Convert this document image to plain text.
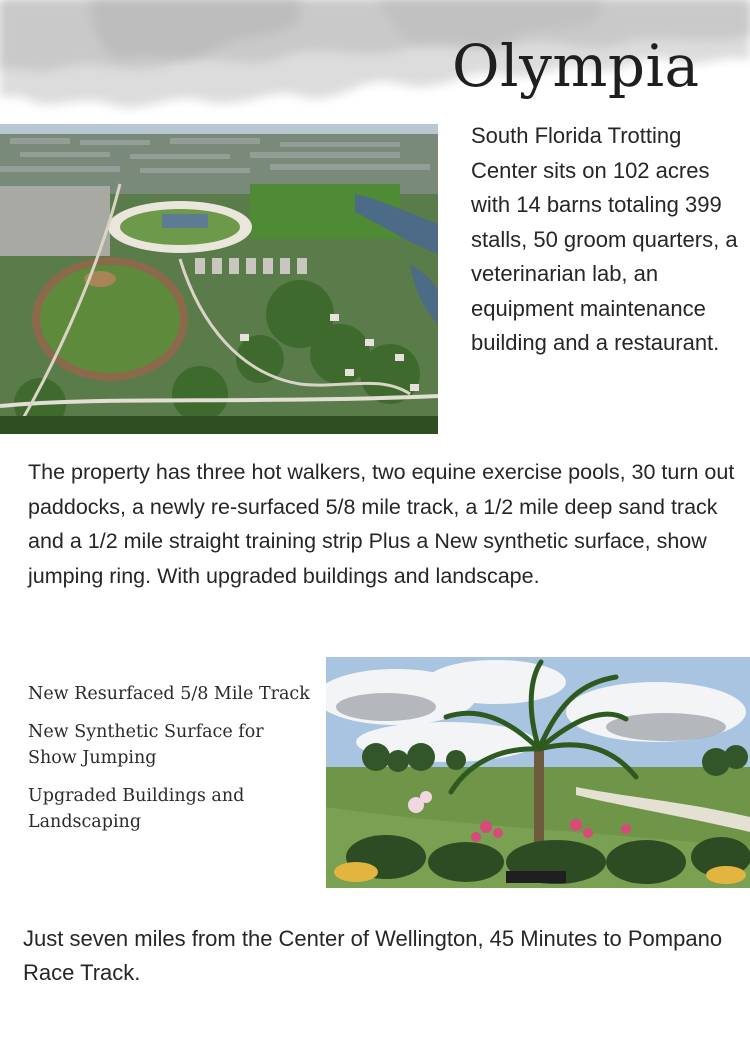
Olympia

South Florida Trotting Center sits on 102 acres with 14 barns totaling 399 stalls, 50 groom quarters, a veterinarian lab, an equipment maintenance building and a restaurant.

The property has three hot walkers, two equine exercise pools, 30 turn out paddocks, a newly re-surfaced 5/8 mile track, a 1/2 mile deep sand track and a 1/2 mile straight training strip Plus a New synthetic surface, show jumping ring. With upgraded buildings and landscape.

New Resurfaced 5/8 Mile Track
New Synthetic Surface for Show Jumping
Upgraded Buildings and Landscaping

Just seven miles from the Center of Wellington, 45 Minutes to Pompano Race Track.
